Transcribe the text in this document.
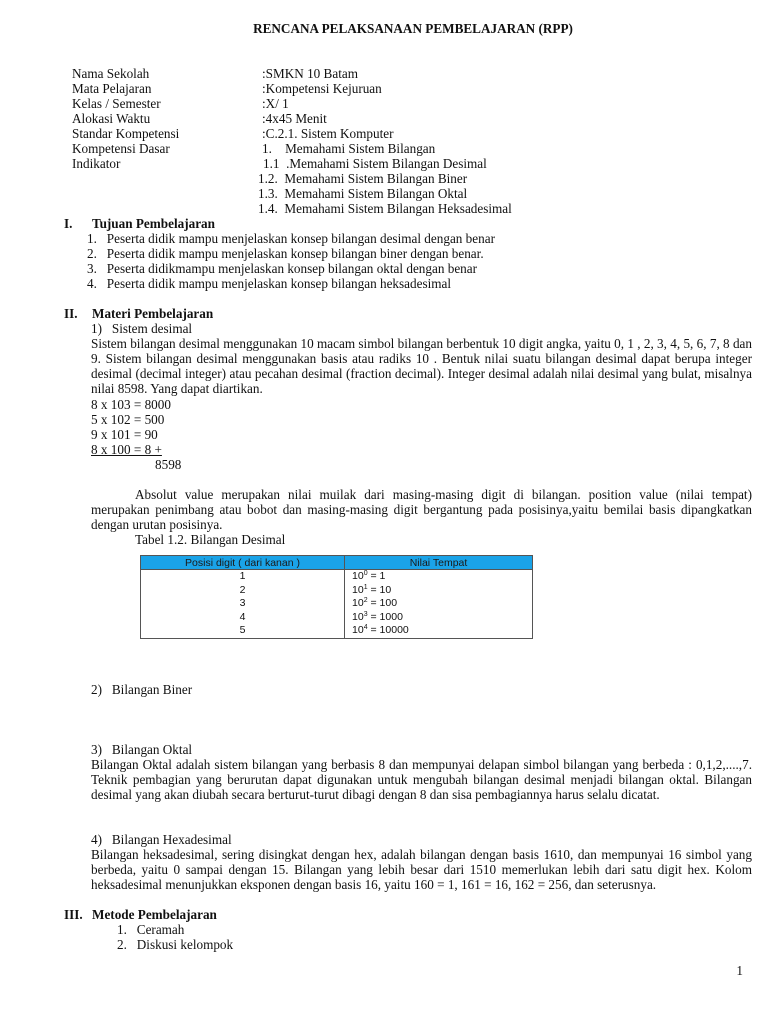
RENCANA PELAKSANAAN PEMBELAJARAN (RPP)
Nama Sekolah	:SMKN 10 Batam
Mata Pelajaran	:Kompetensi Kejuruan
Kelas / Semester	:X/ 1
Alokasi Waktu	:4x45 Menit
Standar Kompetensi	:C.2.1. Sistem Komputer
Kompetensi Dasar	1.    Memahami Sistem Bilangan
Indikator	1.1  .Memahami Sistem Bilangan Desimal
1.2.  Memahami Sistem Bilangan Biner
1.3.  Memahami Sistem Bilangan Oktal
1.4.  Memahami Sistem Bilangan Heksadesimal
I. Tujuan Pembelajaran
1.   Peserta didik mampu menjelaskan konsep bilangan desimal dengan benar
2.   Peserta didik mampu menjelaskan konsep bilangan biner dengan benar.
3.   Peserta didikmampu menjelaskan konsep bilangan oktal dengan benar
4.   Peserta didik mampu menjelaskan konsep bilangan heksadesimal
II. Materi Pembelajaran
1)   Sistem desimal
Sistem bilangan desimal menggunakan 10 macam simbol bilangan berbentuk 10 digit angka, yaitu 0, 1 , 2, 3, 4, 5, 6, 7, 8 dan 9. Sistem bilangan desimal menggunakan basis atau radiks 10 . Bentuk nilai suatu bilangan desimal dapat berupa integer desimal (decimal integer) atau pecahan desimal (fraction decimal). Integer desimal adalah nilai desimal yang bulat, misalnya nilai 8598. Yang dapat diartikan.
8 x 103 = 8000
5 x 102 = 500
9 x 101 = 90
8 x 100 = 8 +
8598
Absolut value merupakan nilai muilak dari masing-masing digit di bilangan. position value (nilai tempat) merupakan penimbang atau bobot dan masing-masing digit bergantung pada posisinya,yaitu bemilai basis dipangkatkan dengan urutan posisinya.
Tabel 1.2. Bilangan Desimal
Posisi digit ( dari kanan )	Nilai Tempat
1	$10^0 = 1$
2	$10^1 = 10$
3	$10^2 = 100$
4	$10^3 = 1000$
5	$10^4 = 10000$
2)   Bilangan Biner
3)   Bilangan Oktal
Bilangan Oktal adalah sistem bilangan yang berbasis 8 dan mempunyai delapan simbol bilangan yang berbeda : 0,1,2,....,7. Teknik pembagian yang berurutan dapat digunakan untuk mengubah bilangan desimal menjadi bilangan oktal. Bilangan desimal yang akan diubah secara berturut-turut dibagi dengan 8 dan sisa pembagiannya harus selalu dicatat.
4)   Bilangan Hexadesimal
Bilangan heksadesimal, sering disingkat dengan hex, adalah bilangan dengan basis 1610, dan mempunyai 16 simbol yang berbeda, yaitu 0 sampai dengan 15. Bilangan yang lebih besar dari 1510 memerlukan lebih dari satu digit hex. Kolom heksadesimal menunjukkan eksponen dengan basis 16, yaitu 160 = 1, 161 = 16, 162 = 256, dan seterusnya.
III. Metode Pembelajaran
1.   Ceramah
2.   Diskusi kelompok
1
